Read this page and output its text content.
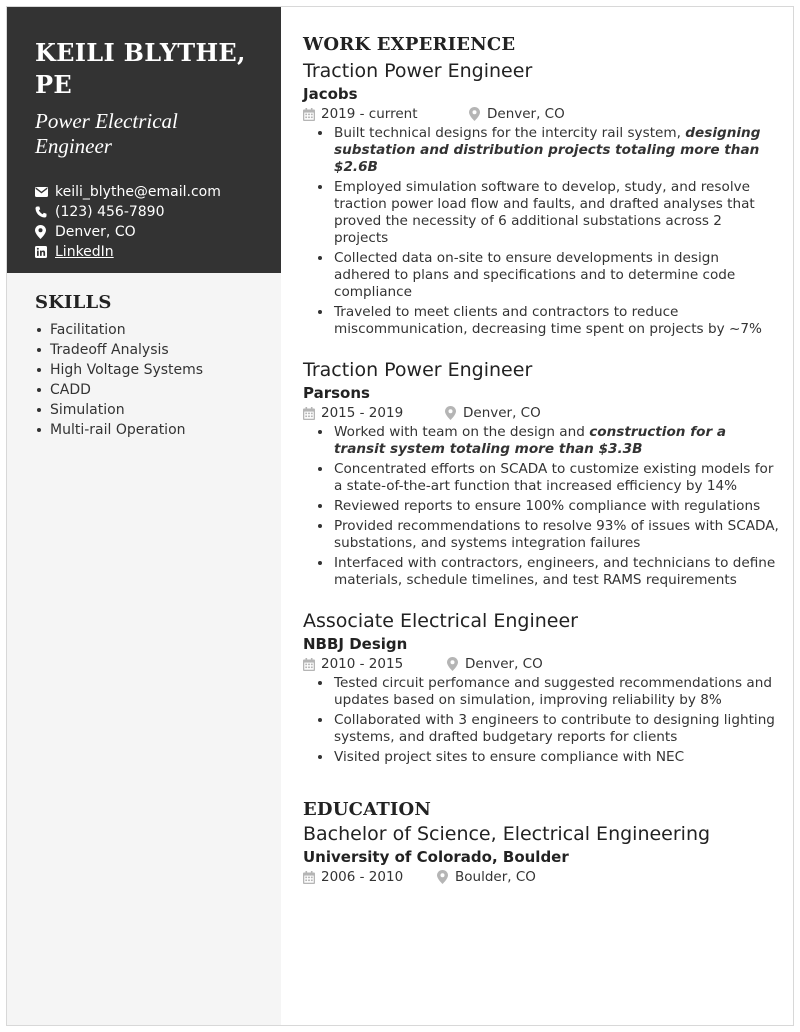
KEILI BLYTHE, PE
Power Electrical Engineer
keili_blythe@email.com
(123) 456-7890
Denver, CO
LinkedIn
SKILLS
Facilitation
Tradeoff Analysis
High Voltage Systems
CADD
Simulation
Multi-rail Operation
WORK EXPERIENCE
Traction Power Engineer
Jacobs
2019 - current	Denver, CO
Built technical designs for the intercity rail system, designing substation and distribution projects totaling more than $2.6B
Employed simulation software to develop, study, and resolve traction power load flow and faults, and drafted analyses that proved the necessity of 6 additional substations across 2 projects
Collected data on-site to ensure developments in design adhered to plans and specifications and to determine code compliance
Traveled to meet clients and contractors to reduce miscommunication, decreasing time spent on projects by ~7%
Traction Power Engineer
Parsons
2015 - 2019	Denver, CO
Worked with team on the design and construction for a transit system totaling more than $3.3B
Concentrated efforts on SCADA to customize existing models for a state-of-the-art function that increased efficiency by 14%
Reviewed reports to ensure 100% compliance with regulations
Provided recommendations to resolve 93% of issues with SCADA, substations, and systems integration failures
Interfaced with contractors, engineers, and technicians to define materials, schedule timelines, and test RAMS requirements
Associate Electrical Engineer
NBBJ Design
2010 - 2015	Denver, CO
Tested circuit perfomance and suggested recommendations and updates based on simulation, improving reliability by 8%
Collaborated with 3 engineers to contribute to designing lighting systems, and drafted budgetary reports for clients
Visited project sites to ensure compliance with NEC
EDUCATION
Bachelor of Science, Electrical Engineering
University of Colorado, Boulder
2006 - 2010	Boulder, CO
